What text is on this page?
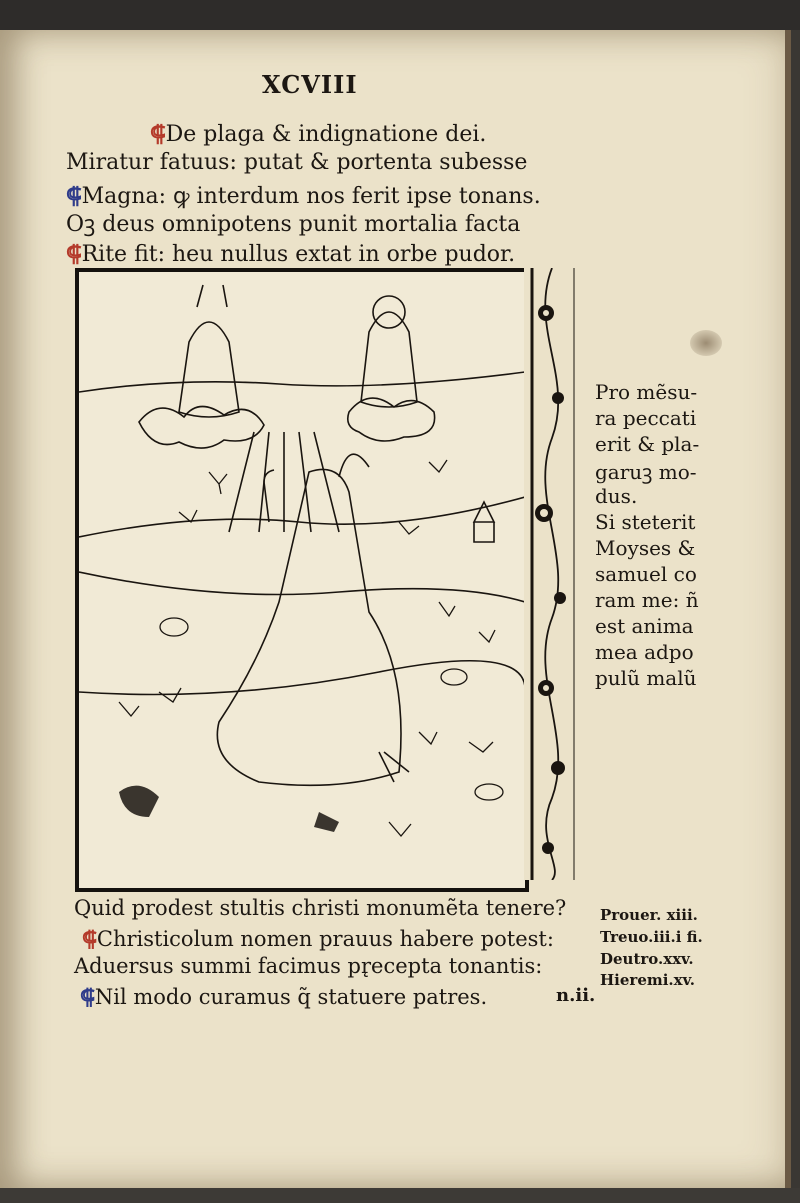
XCVIII
⸿De plaga & indignatione dei.
Miratur fatuus: putat & portenta subesse
⸿Magna: ꝙ interdum nos ferit ipse tonans.
Oꝫ deus omnipotens punit mortalia facta
⸿Rite fit: heu nullus extat in orbe pudor.
Pro mẽsu-
ra peccati
erit & pla-
garuꝫ mo-
dus.
Si steterit
Moyses &
samuel co
ram me: ñ
est anima
mea adpo
pulũ malũ
Quid prodest stultis christi monumẽta tenere?
⸿Christicolum nomen prauus habere potest:
Aduersus summi facimus pr̨ecepta tonantis:
⸿Nil modo curamus q̃ statuere patres.
Prouer. xiii.
Treuo.iii.i fi.
Deutro.xxv.
Hieremi.xv.
n.ii.
